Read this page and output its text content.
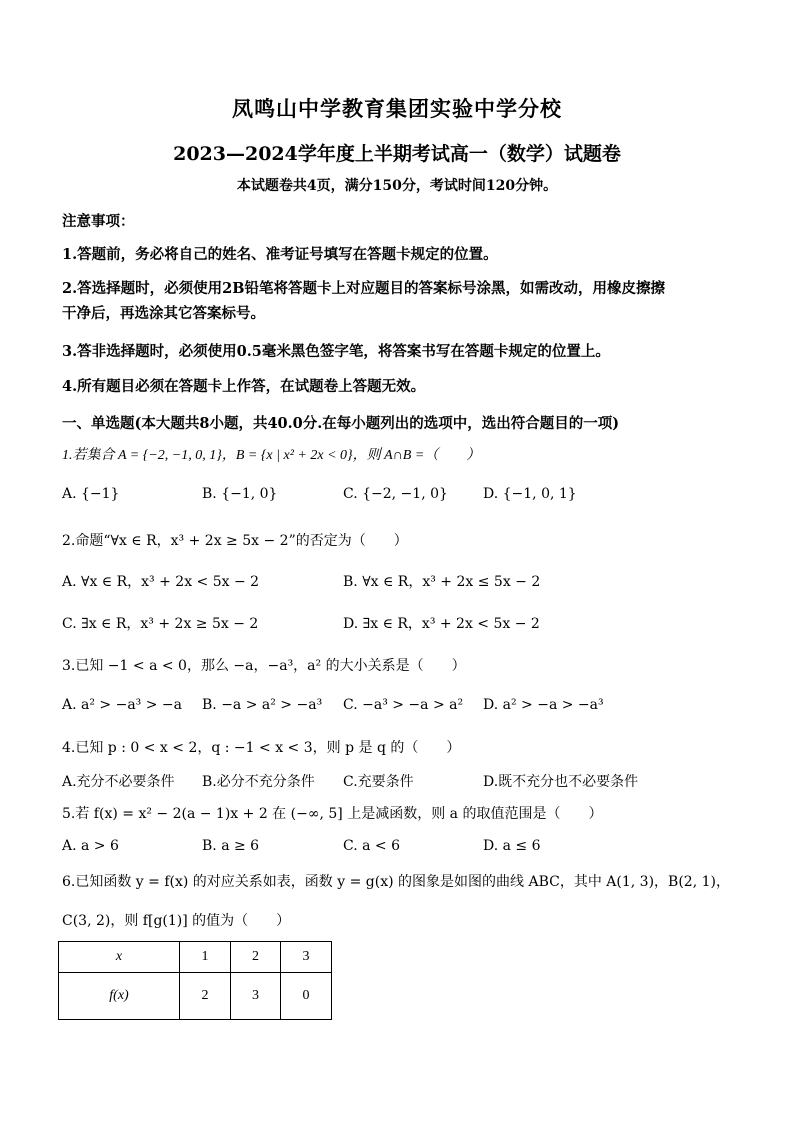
凤鸣山中学教育集团实验中学分校
2023—2024学年度上半期考试高一（数学）试题卷
本试题卷共4页，满分150分，考试时间120分钟。
注意事项：
1.答题前，务必将自己的姓名、准考证号填写在答题卡规定的位置。
2.答选择题时，必须使用2B铅笔将答题卡上对应题目的答案标号涂黑，如需改动，用橡皮擦擦
干净后，再选涂其它答案标号。
3.答非选择题时，必须使用0.5毫米黑色签字笔，将答案书写在答题卡规定的位置上。
4.所有题目必须在答题卡上作答，在试题卷上答题无效。
一、单选题(本大题共8小题，共40.0分.在每小题列出的选项中，选出符合题目的一项)
1.若集合 A = {−2, −1, 0, 1}，B = {x | x² + 2x < 0}，则 A∩B =（　　）
A. {−1}	B. {−1, 0}	C. {−2, −1, 0}	D. {−1, 0, 1}
2.命题“∀x ∈ R，x³ + 2x ≥ 5x − 2”的否定为（　　）
A. ∀x ∈ R，x³ + 2x < 5x − 2	B. ∀x ∈ R，x³ + 2x ≤ 5x − 2
C. ∃x ∈ R，x³ + 2x ≥ 5x − 2	D. ∃x ∈ R，x³ + 2x < 5x − 2
3.已知 −1 < a < 0，那么 −a，−a³，a² 的大小关系是（　　）
A. a² > −a³ > −a B. −a > a² > −a³ C. −a³ > −a > a² D. a² > −a > −a³
4.已知 p : 0 < x < 2，q : −1 < x < 3，则 p 是 q 的（　　）
A.充分不必要条件 B.必分不充分条件 C.充要条件	D.既不充分也不必要条件
5.若 f(x) = x² − 2(a − 1)x + 2 在 (−∞, 5] 上是减函数，则 a 的取值范围是（　　）
A. a > 6	B. a ≥ 6	C. a < 6	D. a ≤ 6
6.已知函数 y = f(x) 的对应关系如表，函数 y = g(x) 的图象是如图的曲线 ABC，其中 A(1, 3)，B(2, 1)，
C(3, 2)，则 f[g(1)] 的值为（　　）
x	1	2	3
f(x)	2	3	0
